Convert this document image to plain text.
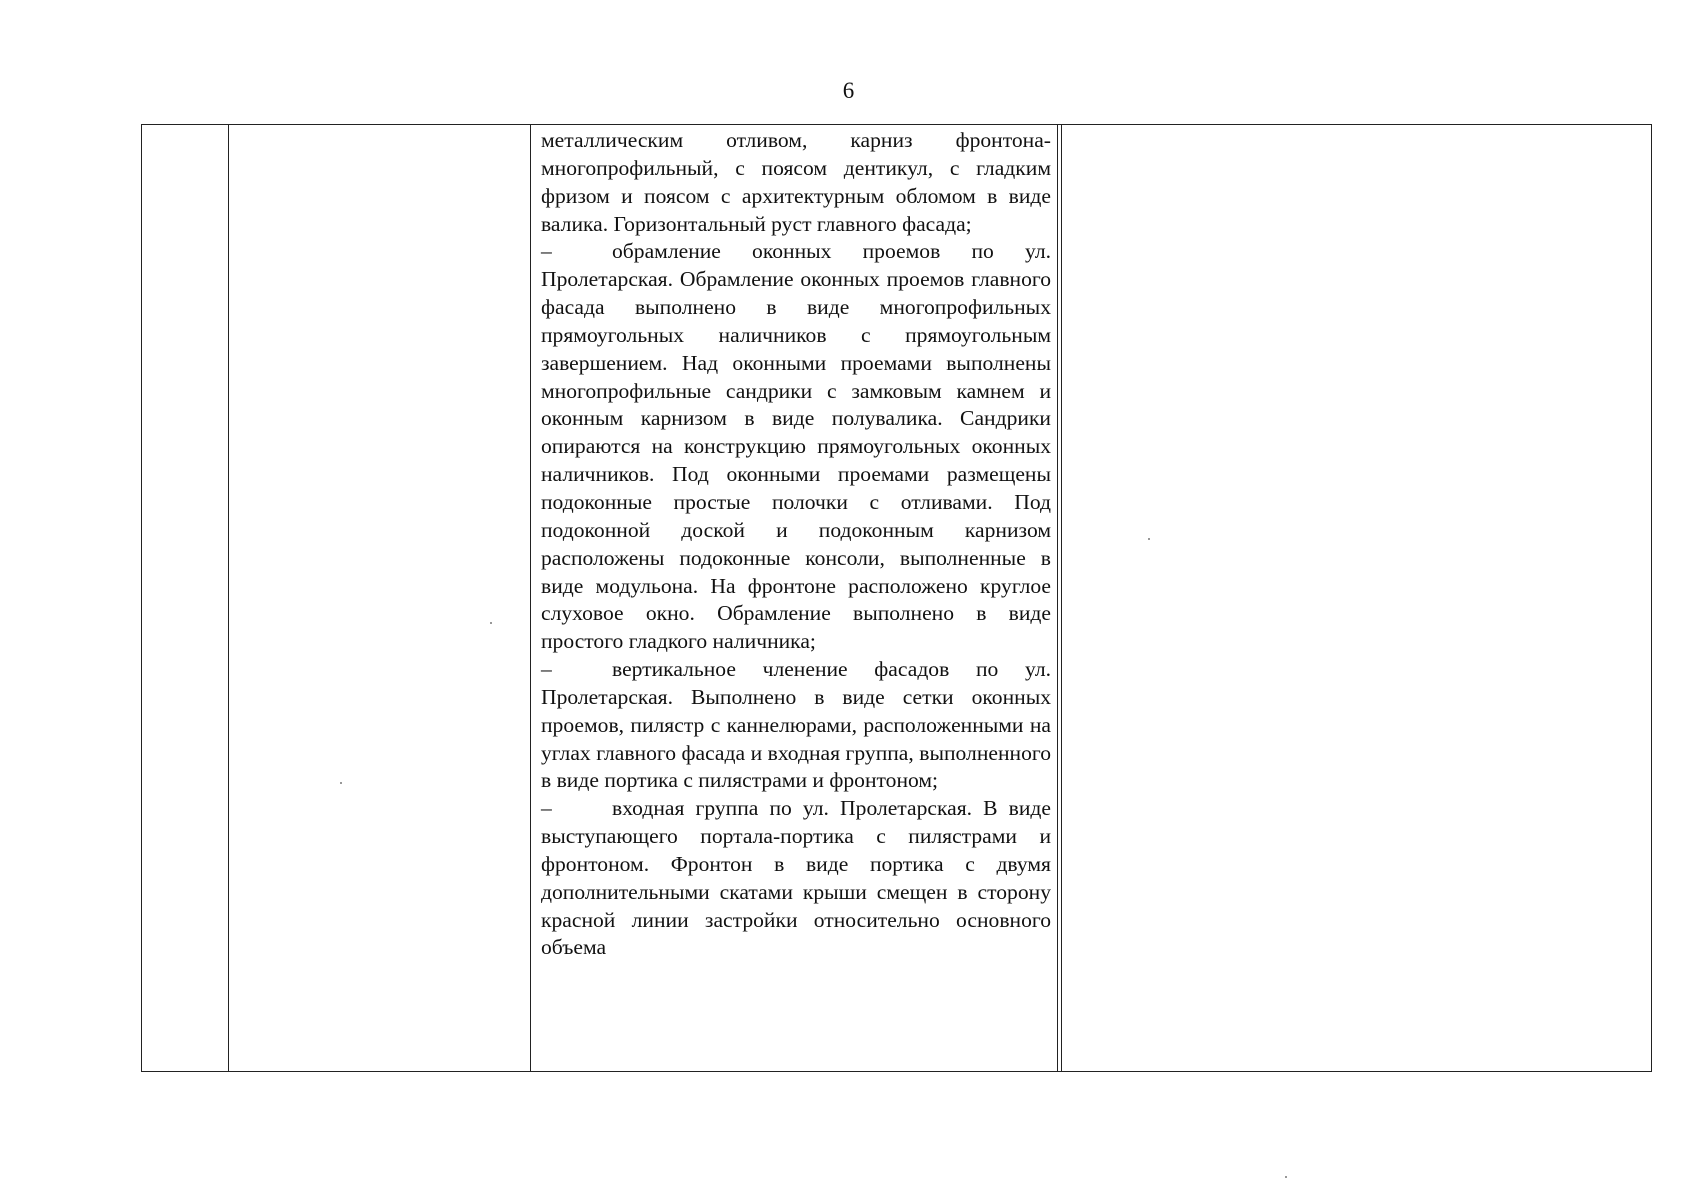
6

металлическим отливом, карниз фронтона-многопрофильный, с поясом дентикул, с гладким фризом и поясом с архитектурным обломом в виде валика. Горизонтальный руст главного фасада;

–	обрамление оконных проемов по ул. Пролетарская. Обрамление оконных проемов главного фасада выполнено в виде многопрофильных прямоугольных наличников с прямоугольным завершением. Над оконными проемами выполнены многопрофильные сандрики с замковым камнем и оконным карнизом в виде полувалика. Сандрики опираются на конструкцию прямоугольных оконных наличников. Под оконными проемами размещены подоконные простые полочки с отливами. Под подоконной доской и подоконным карнизом расположены подоконные консоли, выполненные в виде модульона. На фронтоне расположено круглое слуховое окно. Обрамление выполнено в виде простого гладкого наличника;

–	вертикальное членение фасадов по ул. Пролетарская. Выполнено в виде сетки оконных проемов, пилястр с каннелюрами, расположенными на углах главного фасада и входная группа, выполненного в виде портика с пилястрами и фронтоном;

–	входная группа по ул. Пролетарская. В виде выступающего портала-портика с пилястрами и фронтоном. Фронтон в виде портика с двумя дополнительными скатами крыши смещен в сторону красной линии застройки относительно основного объема
